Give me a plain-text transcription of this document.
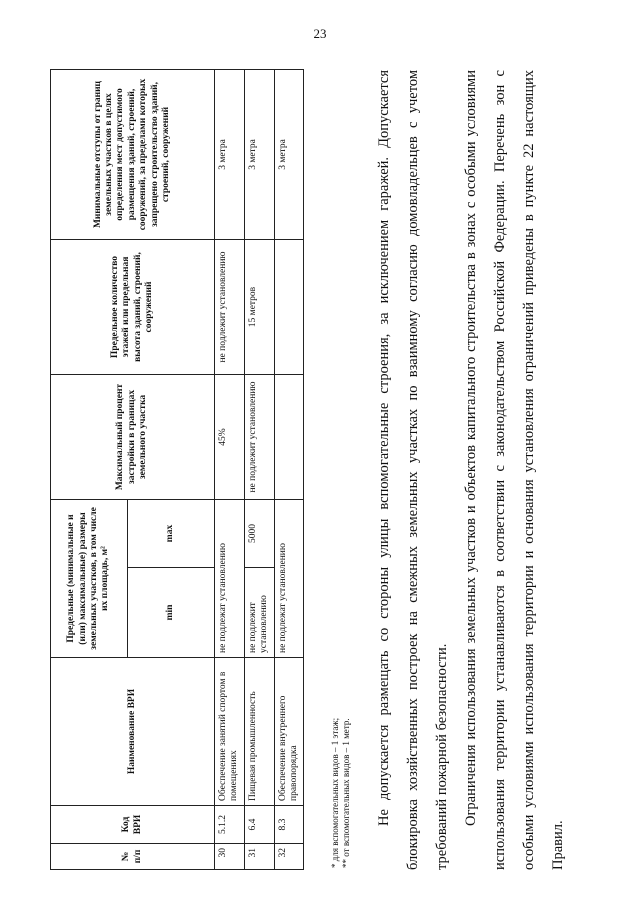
23
№ п/п	Код ВРИ	Наименование ВРИ	Предельные (минимальные и (или) максимальные) размеры земельных участков, в том числе их площадь, м²		Максимальный процент застройки в границах земельного участка	Предельное количество этажей или предельная высота зданий, строений, сооружений	Минимальные отступы от границ земельных участков в целях определения мест допустимого размещения зданий, строений, сооружений, за пределами которых запрещено строительство зданий, строений, сооружений
			min	max			
30	5.1.2	Обеспечение занятий спортом в помещениях	не подлежат установлению		45%	не подлежит установлению	3 метра
31	6.4	Пищевая промышленность	не подлежит установлению	5000	не подлежит установлению	15 метров	3 метра
32	8.3	Обеспечение внутреннего правопорядка	не подлежат установлению				3 метра
* для вспомогательных видов – 1 этаж; ** от вспомогательных видов – 1 метр.	Не допускается размещать со стороны улицы вспомогательные строения, за исключением гаражей. Допускается блокировка хозяйственных построек на смежных земельных участках по взаимному согласию домовладельцев с учетом требований пожарной безопасности. Ограничения использования земельных участков и объектов капитального строительства в зонах с особыми условиями использования территории устанавливаются в соответствии с законодательством Российской Федерации. Перечень зон с особыми условиями использования территории и основания установления ограничений приведены в пункте 22 настоящих Правил.
